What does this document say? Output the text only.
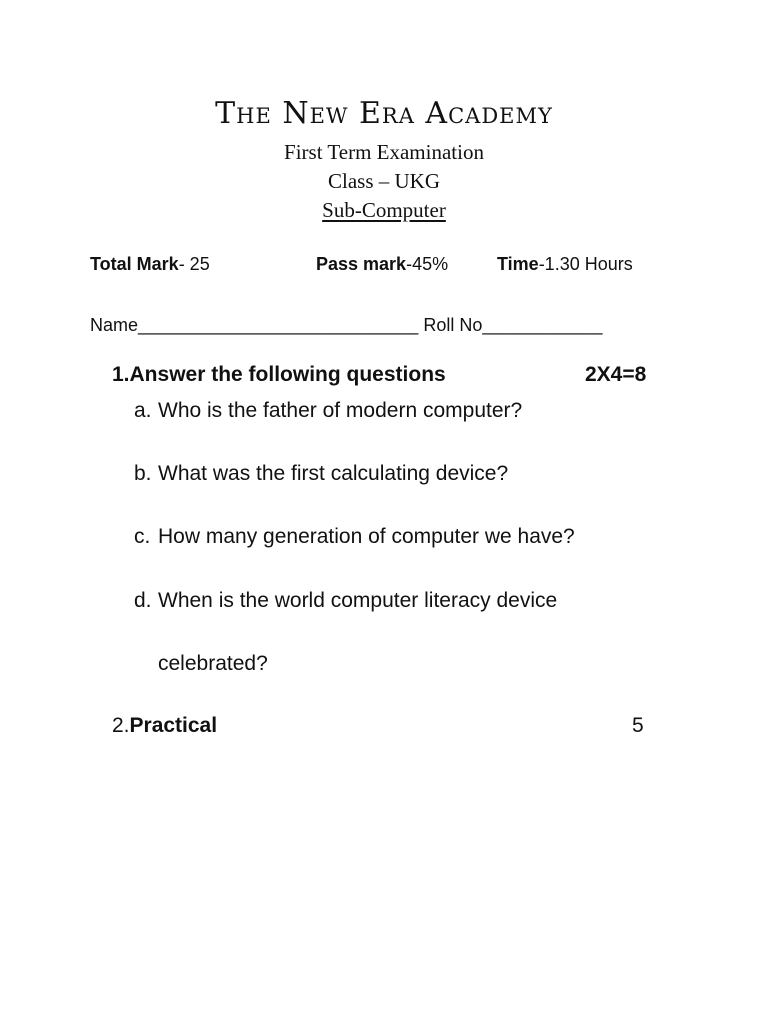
The New Era Academy
First Term Examination
Class – UKG
Sub-Computer
Total Mark- 25	Pass mark-45%	Time-1.30 Hours
Name____________________________ Roll No____________
1.Answer the following questions	2X4=8
a. Who is the father of modern computer?
b. What was the first calculating device?
c. How many generation of computer we have?
d. When is the world computer literacy device
celebrated?
2.Practical	5
